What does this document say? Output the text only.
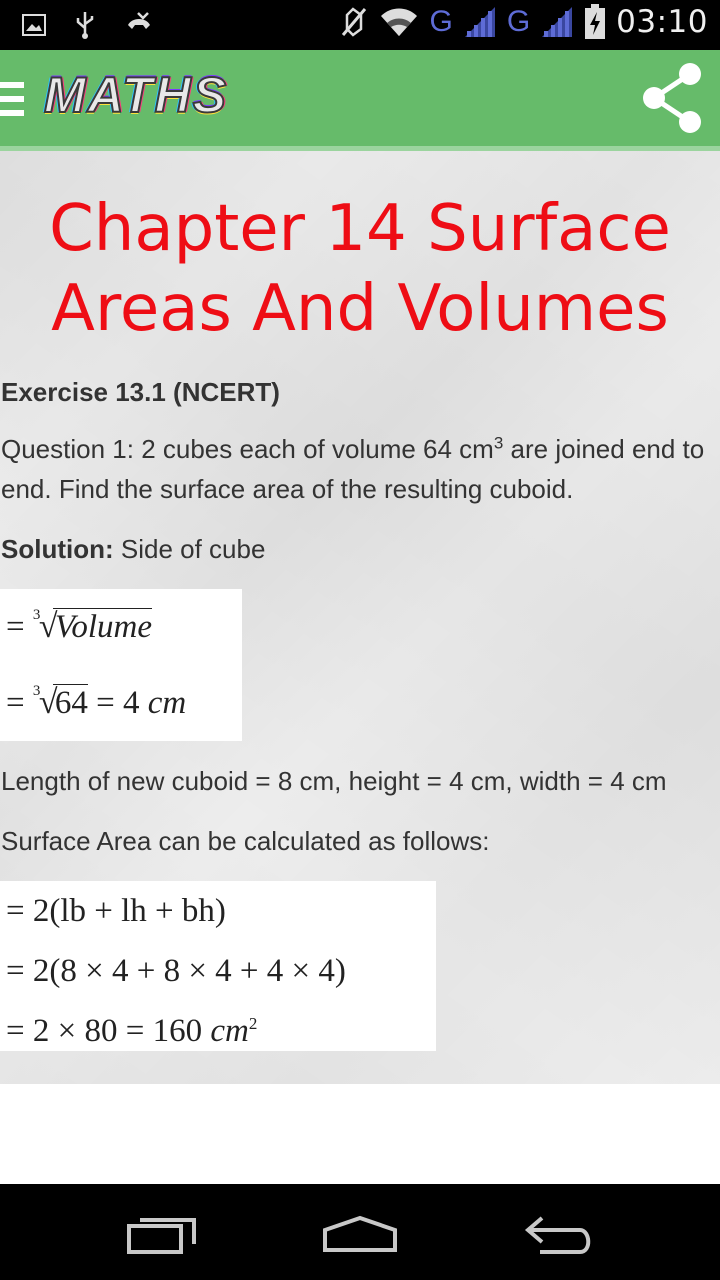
G G	03:10
MATHS
Chapter 14 Surface Areas And Volumes
Exercise 13.1 (NCERT)
Question 1: 2 cubes each of volume 64 $cm^3$ are joined end to end. Find the surface area of the resulting cuboid.
Solution: Side of cube
= 3
√
Volume
= 3
√
64 = 4 cm
Length of new cuboid = 8 cm, height = 4 cm, width = 4 cm
Surface Area can be calculated as follows:
= 2(lb + lh + bh)
= 2(8 × 4 + 8 × 4 + 4 × 4)
= 2 × 80 = 160 $cm^2$
